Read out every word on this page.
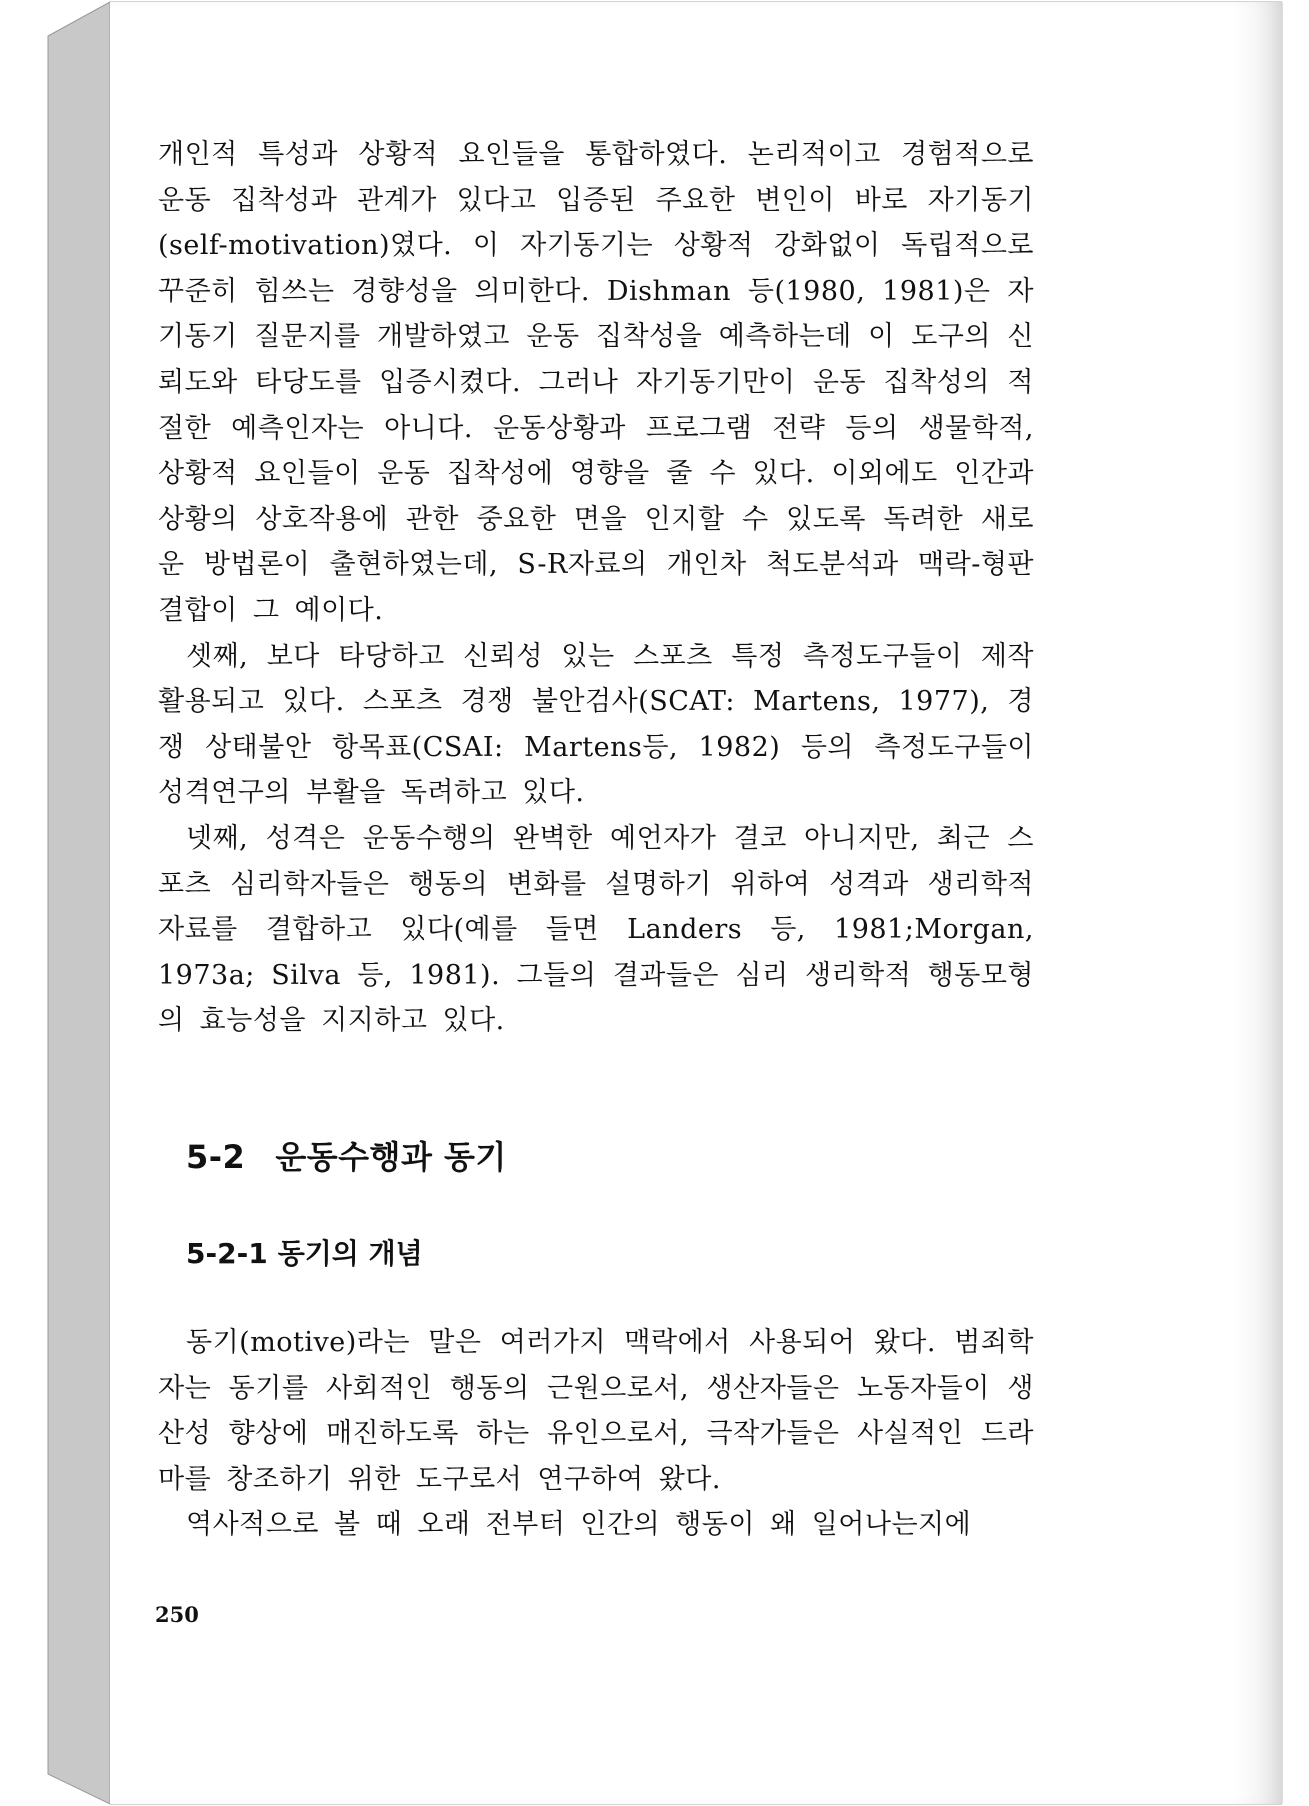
개인적 특성과 상황적 요인들을 통합하였다. 논리적이고 경험적으로 운동 집착성과 관계가 있다고 입증된 주요한 변인이 바로 자기동기(self-motivation)였다. 이 자기동기는 상황적 강화없이 독립적으로 꾸준히 힘쓰는 경향성을 의미한다. Dishman 등(1980, 1981)은 자기동기 질문지를 개발하였고 운동 집착성을 예측하는데 이 도구의 신뢰도와 타당도를 입증시켰다. 그러나 자기동기만이 운동 집착성의 적절한 예측인자는 아니다. 운동상황과 프로그램 전략 등의 생물학적, 상황적 요인들이 운동 집착성에 영향을 줄 수 있다. 이외에도 인간과 상황의 상호작용에 관한 중요한 면을 인지할 수 있도록 독려한 새로운 방법론이 출현하였는데, S-R자료의 개인차 척도분석과 맥락-형판결합이 그 예이다.

셋째, 보다 타당하고 신뢰성 있는 스포츠 특정 측정도구들이 제작 활용되고 있다. 스포츠 경쟁 불안검사(SCAT: Martens, 1977), 경쟁 상태불안 항목표(CSAI: Martens등, 1982) 등의 측정도구들이 성격연구의 부활을 독려하고 있다.

넷째, 성격은 운동수행의 완벽한 예언자가 결코 아니지만, 최근 스포츠 심리학자들은 행동의 변화를 설명하기 위하여 성격과 생리학적 자료를 결합하고 있다(예를 들면 Landers 등, 1981;Morgan, 1973a; Silva 등, 1981). 그들의 결과들은 심리 생리학적 행동모형의 효능성을 지지하고 있다.

5-2 운동수행과 동기
5-2-1 동기의 개념

동기(motive)라는 말은 여러가지 맥락에서 사용되어 왔다. 범죄학자는 동기를 사회적인 행동의 근원으로서, 생산자들은 노동자들이 생산성 향상에 매진하도록 하는 유인으로서, 극작가들은 사실적인 드라마를 창조하기 위한 도구로서 연구하여 왔다.

역사적으로 볼 때 오래 전부터 인간의 행동이 왜 일어나는지에

250
